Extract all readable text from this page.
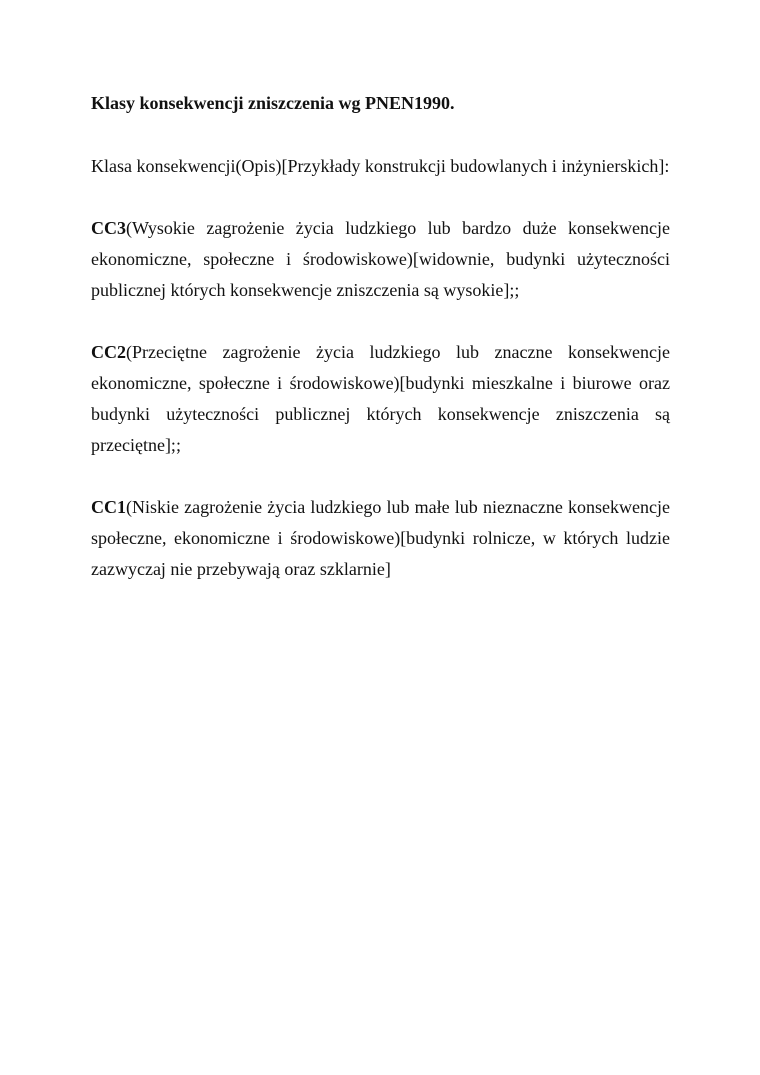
Klasy konsekwencji zniszczenia wg PNEN1990.

Klasa konsekwencji(Opis)[Przykłady konstrukcji budowlanych i inżynierskich]:

CC3(Wysokie zagrożenie życia ludzkiego lub bardzo duże konsekwencje ekonomiczne, społeczne i środowiskowe)[widownie, budynki użyteczności publicznej których konsekwencje zniszczenia są wysokie];;

CC2(Przeciętne zagrożenie życia ludzkiego lub znaczne konsekwencje ekonomiczne, społeczne i środowiskowe)[budynki mieszkalne i biurowe oraz budynki użyteczności publicznej których konsekwencje zniszczenia są przeciętne];;

CC1(Niskie zagrożenie życia ludzkiego lub małe lub nieznaczne konsekwencje społeczne, ekonomiczne i środowiskowe)[budynki rolnicze, w których ludzie zazwyczaj nie przebywają oraz szklarnie]
